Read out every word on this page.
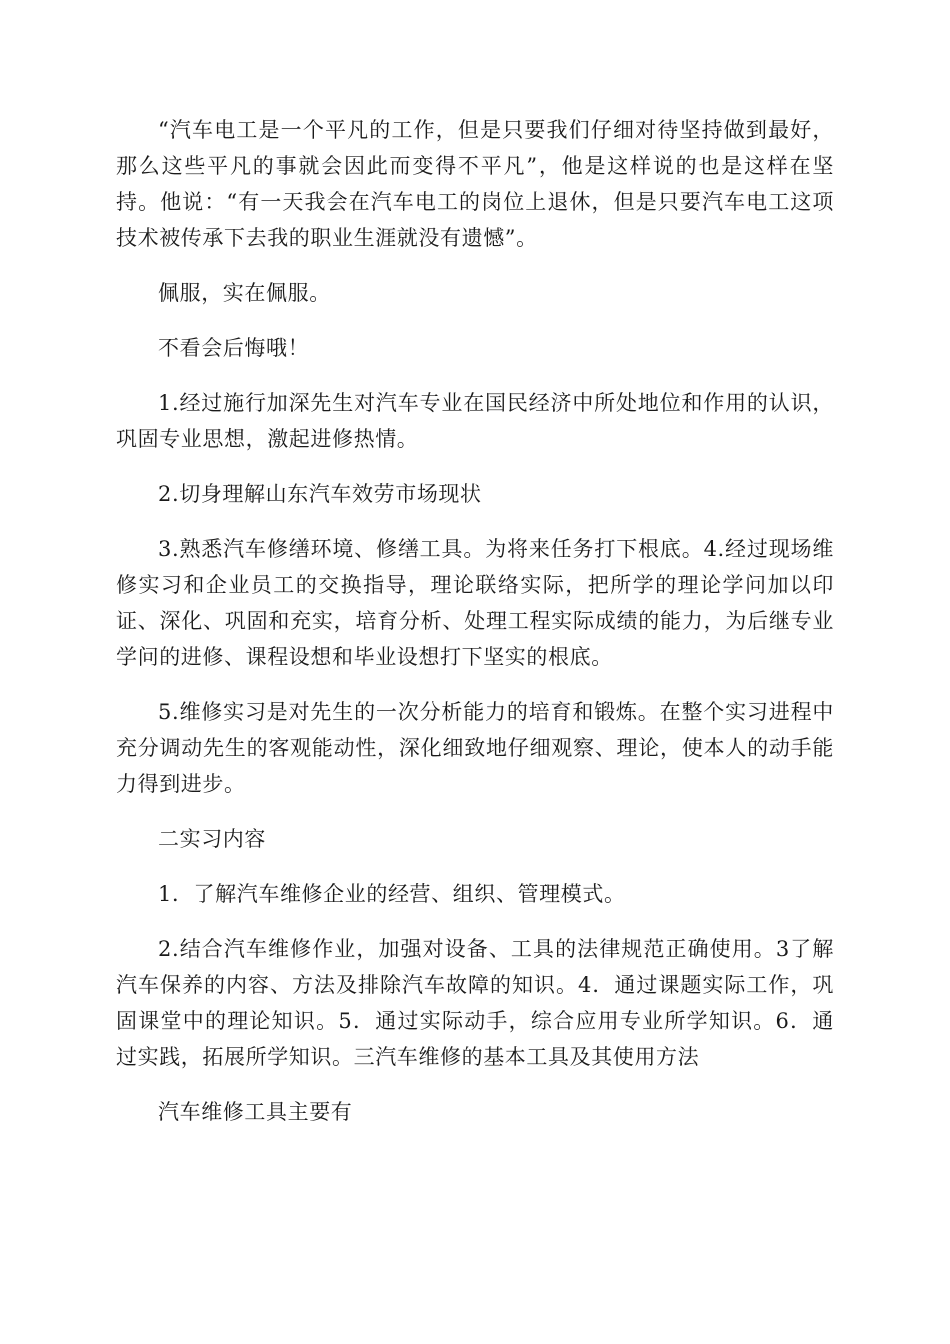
“汽车电工是一个平凡的工作，但是只要我们仔细对待坚持做到最好，那么这些平凡的事就会因此而变得不平凡”，他是这样说的也是这样在坚持。他说：“有一天我会在汽车电工的岗位上退休，但是只要汽车电工这项技术被传承下去我的职业生涯就没有遗憾”。

佩服，实在佩服。

不看会后悔哦！

1.经过施行加深先生对汽车专业在国民经济中所处地位和作用的认识，巩固专业思想，激起进修热情。

2.切身理解山东汽车效劳市场现状

3.熟悉汽车修缮环境、修缮工具。为将来任务打下根底。4.经过现场维修实习和企业员工的交换指导，理论联络实际，把所学的理论学问加以印证、深化、巩固和充实，培育分析、处理工程实际成绩的能力，为后继专业学问的进修、课程设想和毕业设想打下坚实的根底。

5.维修实习是对先生的一次分析能力的培育和锻炼。在整个实习进程中充分调动先生的客观能动性，深化细致地仔细观察、理论，使本人的动手能力得到进步。

二实习内容

1．了解汽车维修企业的经营、组织、管理模式。

2.结合汽车维修作业，加强对设备、工具的法律规范正确使用。3了解汽车保养的内容、方法及排除汽车故障的知识。4．通过课题实际工作，巩固课堂中的理论知识。5．通过实际动手，综合应用专业所学知识。6．通过实践，拓展所学知识。三汽车维修的基本工具及其使用方法

汽车维修工具主要有
